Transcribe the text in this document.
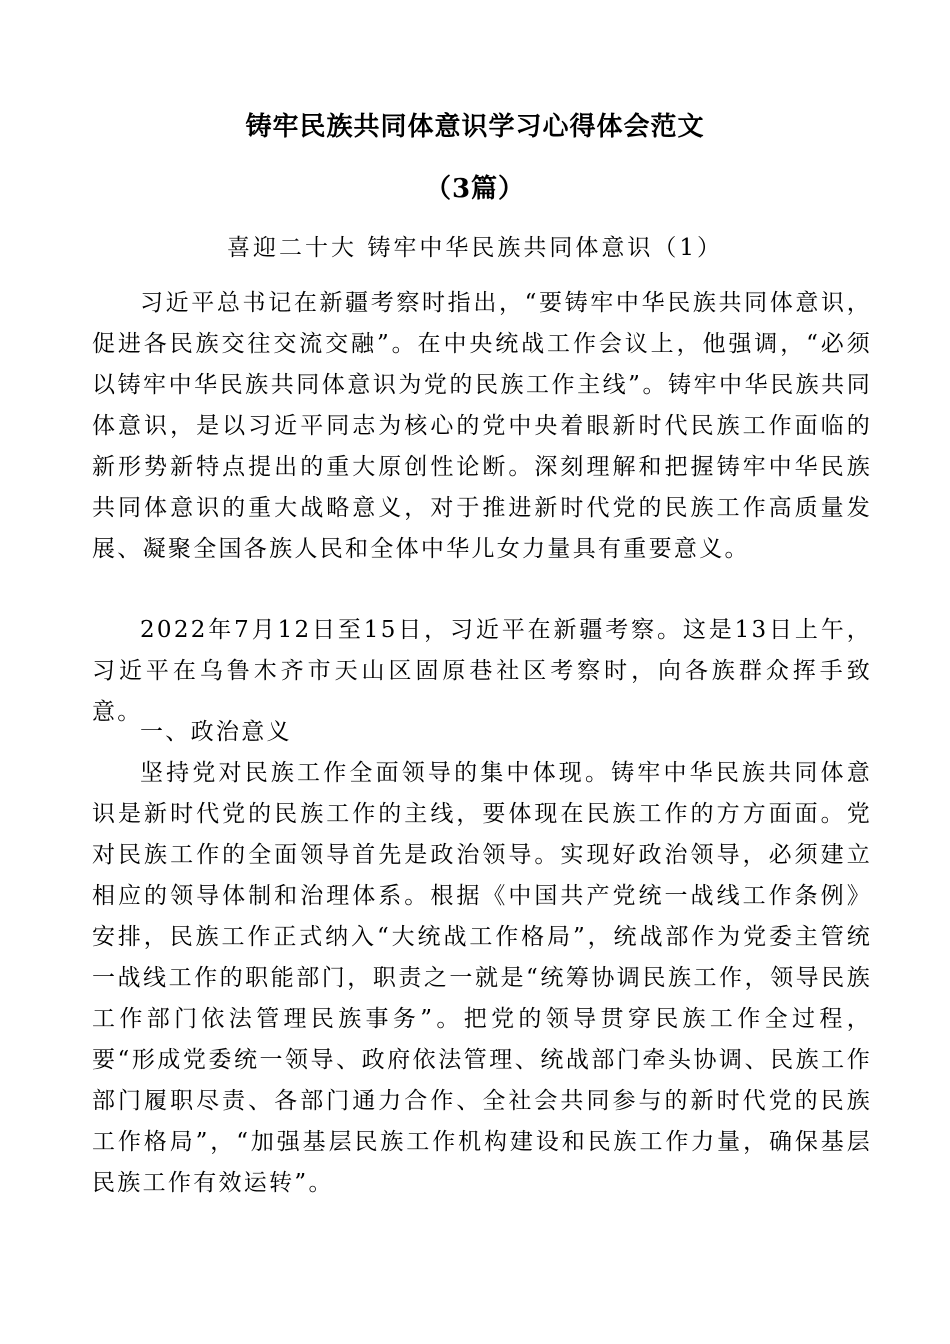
铸牢民族共同体意识学习心得体会范文
（3篇）
喜迎二十大 铸牢中华民族共同体意识（1）

习近平总书记在新疆考察时指出，“要铸牢中华民族共同体意识，促进各民族交往交流交融”。在中央统战工作会议上，他强调，“必须以铸牢中华民族共同体意识为党的民族工作主线”。铸牢中华民族共同体意识，是以习近平同志为核心的党中央着眼新时代民族工作面临的新形势新特点提出的重大原创性论断。深刻理解和把握铸牢中华民族共同体意识的重大战略意义，对于推进新时代党的民族工作高质量发展、凝聚全国各族人民和全体中华儿女力量具有重要意义。

2022年7月12日至15日，习近平在新疆考察。这是13日上午，习近平在乌鲁木齐市天山区固原巷社区考察时，向各族群众挥手致意。

一、政治意义

坚持党对民族工作全面领导的集中体现。铸牢中华民族共同体意识是新时代党的民族工作的主线，要体现在民族工作的方方面面。党对民族工作的全面领导首先是政治领导。实现好政治领导，必须建立相应的领导体制和治理体系。根据《中国共产党统一战线工作条例》安排，民族工作正式纳入“大统战工作格局”，统战部作为党委主管统一战线工作的职能部门，职责之一就是“统筹协调民族工作，领导民族工作部门依法管理民族事务”。把党的领导贯穿民族工作全过程，要“形成党委统一领导、政府依法管理、统战部门牵头协调、民族工作部门履职尽责、各部门通力合作、全社会共同参与的新时代党的民族工作格局”，“加强基层民族工作机构建设和民族工作力量，确保基层民族工作有效运转”。
